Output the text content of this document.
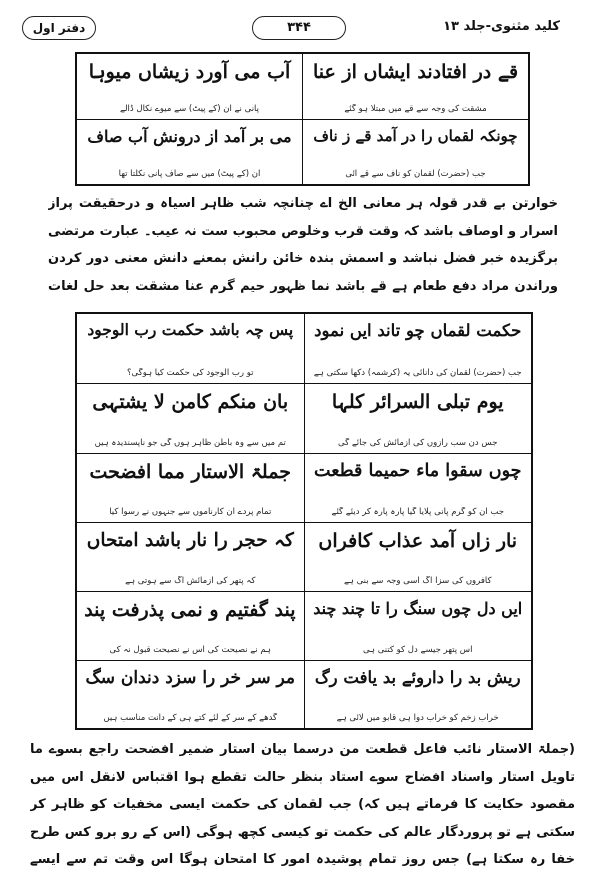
کلید مثنوی-جلد ۱۳
۳۴۴
دفتر اول
قے در افتادند ایشاں از عنا
مشقت کی وجہ سے قے میں مبتلا ہو گئے
آب می آورد زیشاں میوہا
پانی نے ان (کے پیٹ) سے میوے نکال ڈالے
چونکہ لقماں را در آمد قے ز ناف
جب (حضرت) لقمان کو ناف سے قے آئی
می بر آمد از درونش آب صاف
ان (کے پیٹ) میں سے صاف پانی نکلتا تھا

خوارتن بے قدر قولہ ہر معانی الخ اے چنانچہ شب ظاہر اسیاہ و درحقیقت پراز اسرار و اوصاف باشد کہ وقت قرب وخلوص محبوب ست نہ عیب۔ عبارت مرتضی برگزیدہ خبر فضل نباشد و اسمش بندہ خائن رانش بمعنے دانش معنی دور کردن وراندن مراد دفع طعام ہے قے باشد نما ظہور حیم گرم عنا مشقت بعد حل لغات

حکمت لقماں چو تاند ایں نمود
جب (حضرت) لقمان کی دانائی یہ (کرشمہ) دکھا سکتی ہے
پس چہ باشد حکمت رب الوجود
تو رب الوجود کی حکمت کیا ہوگی؟
یوم تبلی السرائر کلہا
جس دن سب رازوں کی آزمائش کی جائے گی
بان منکم کامن لا یشتہی
تم میں سے وہ باطن ظاہر ہوں گی جو ناپسندیدہ ہیں
چوں سقوا ماء حمیما قطعت
جب ان کو گرم پانی پلایا گیا پارہ پارہ کر دیئے گئے
جملۃ الاستار مما افضحت
تمام پردے ان کارناموں سے جنہوں نے رسوا کیا
نار زاں آمد عذاب کافراں
کافروں کی سزا آگ اسی وجہ سے بنی ہے
کہ حجر را نار باشد امتحاں
کہ پتھر کی آزمائش آگ سے ہوتی ہے
ایں دل چوں سنگ را تا چند چند
اس پتھر جیسے دل کو کتنی ہی
پند گفتیم و نمی پذرفت پند
ہم نے نصیحت کی اس نے نصیحت قبول نہ کی
ریش بد را داروئے بد یافت رگ
خراب زخم کو خراب دوا ہی قابو میں لائی ہے
مر سر خر را سزد دندان سگ
گدھے کے سر کے لئے کتے ہی کے دانت مناسب ہیں

(جملۃ الاستار نائب فاعل قطعت من درسما بیان استار ضمیر افضحت راجع بسوے ما تاویل استار واسناد افضاح سوے استاد بنظر حالت تقطع ہوا اقتباس لانقل اس میں مقصود حکایت کا فرماتے ہیں کہ) جب لقمان کی حکمت ایسی مخفیات کو ظاہر کر سکتی ہے تو پروردگار عالم کی حکمت تو کیسی کچھ ہوگی (اس کے رو برو کس طرح خفا رہ سکتا ہے) جس روز تمام پوشیدہ امور کا امتحان ہوگا اس وقت تم سے ایسے
